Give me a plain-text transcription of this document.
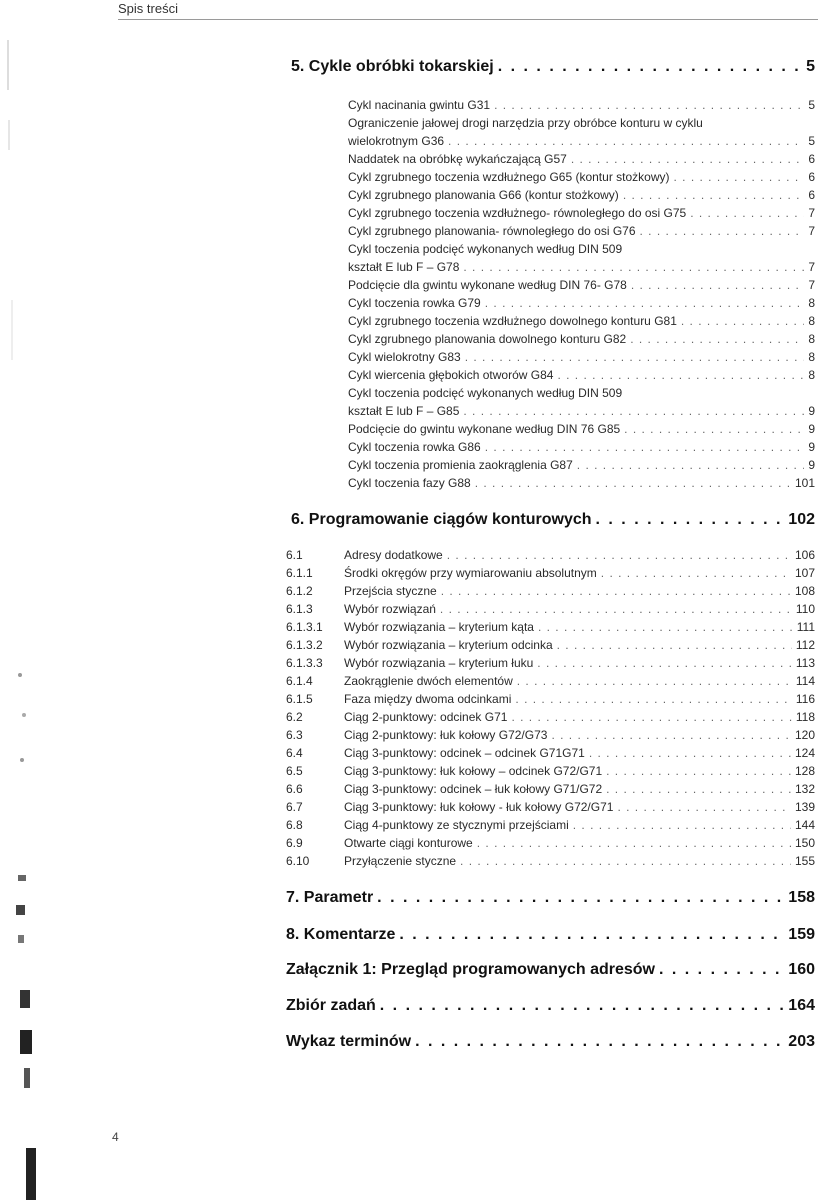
Spis treści
5. Cykle obróbki tokarskiej . . .	5
Cykl nacinania gwintu G31 . . .	5
Ograniczenie jałowej drogi narzędzia przy obróbce konturu w cyklu
wielokrotnym G36 . . .	5
Naddatek na obróbkę wykańczającą G57 . . .	6
Cykl zgrubnego toczenia wzdłużnego G65 (kontur stożkowy) . . .	6
Cykl zgrubnego planowania G66 (kontur stożkowy) . . .	6
Cykl zgrubnego toczenia wzdłużnego- równoległego do osi G75 . . .	7
Cykl zgrubnego planowania- równoległego do osi G76 . . .	7
Cykl toczenia podcięć wykonanych według DIN 509
kształt E lub F – G78 . . .	7
Podcięcie dla gwintu wykonane według DIN 76- G78 . . .	7
Cykl toczenia rowka G79 . . .	8
Cykl zgrubnego toczenia wzdłużnego dowolnego konturu G81 . . .	8
Cykl zgrubnego planowania dowolnego konturu G82 . . .	8
Cykl wielokrotny G83 . . .	8
Cykl wiercenia głębokich otworów G84 . . .	8
Cykl toczenia podcięć wykonanych według DIN 509
kształt E lub F – G85 . . .	9
Podcięcie do gwintu wykonane według DIN 76 G85 . . .	9
Cykl toczenia rowka G86 . . .	9
Cykl toczenia promienia zaokrąglenia G87 . . .	9
Cykl toczenia fazy G88 . . .	101
6. Programowanie ciągów konturowych . . .	102
6.1	Adresy dodatkowe . . .	106
6.1.1	Środki okręgów przy wymiarowaniu absolutnym . . .	107
6.1.2	Przejścia styczne . . .	108
6.1.3	Wybór rozwiązań . . .	110
6.1.3.1	Wybór rozwiązania – kryterium kąta . . .	111
6.1.3.2	Wybór rozwiązania – kryterium odcinka . . .	112
6.1.3.3	Wybór rozwiązania – kryterium łuku . . .	113
6.1.4	Zaokrąglenie dwóch elementów . . .	114
6.1.5	Faza między dwoma odcinkami . . .	116
6.2	Ciąg 2-punktowy: odcinek G71 . . .	118
6.3	Ciąg 2-punktowy: łuk kołowy G72/G73 . . .	120
6.4	Ciąg 3-punktowy: odcinek – odcinek G71G71 . . .	124
6.5	Ciąg 3-punktowy: łuk kołowy – odcinek G72/G71 . . .	128
6.6	Ciąg 3-punktowy: odcinek – łuk kołowy G71/G72 . . .	132
6.7	Ciąg 3-punktowy: łuk kołowy - łuk kołowy G72/G71 . . .	139
6.8	Ciąg 4-punktowy ze stycznymi przejściami . . .	144
6.9	Otwarte ciągi konturowe . . .	150
6.10	Przyłączenie styczne . . .	155
7. Parametr . . .	158
8. Komentarze . . .	159
Załącznik 1: Przegląd programowanych adresów . . .	160
Zbiór zadań . . .	164
Wykaz terminów . . .	203
4
